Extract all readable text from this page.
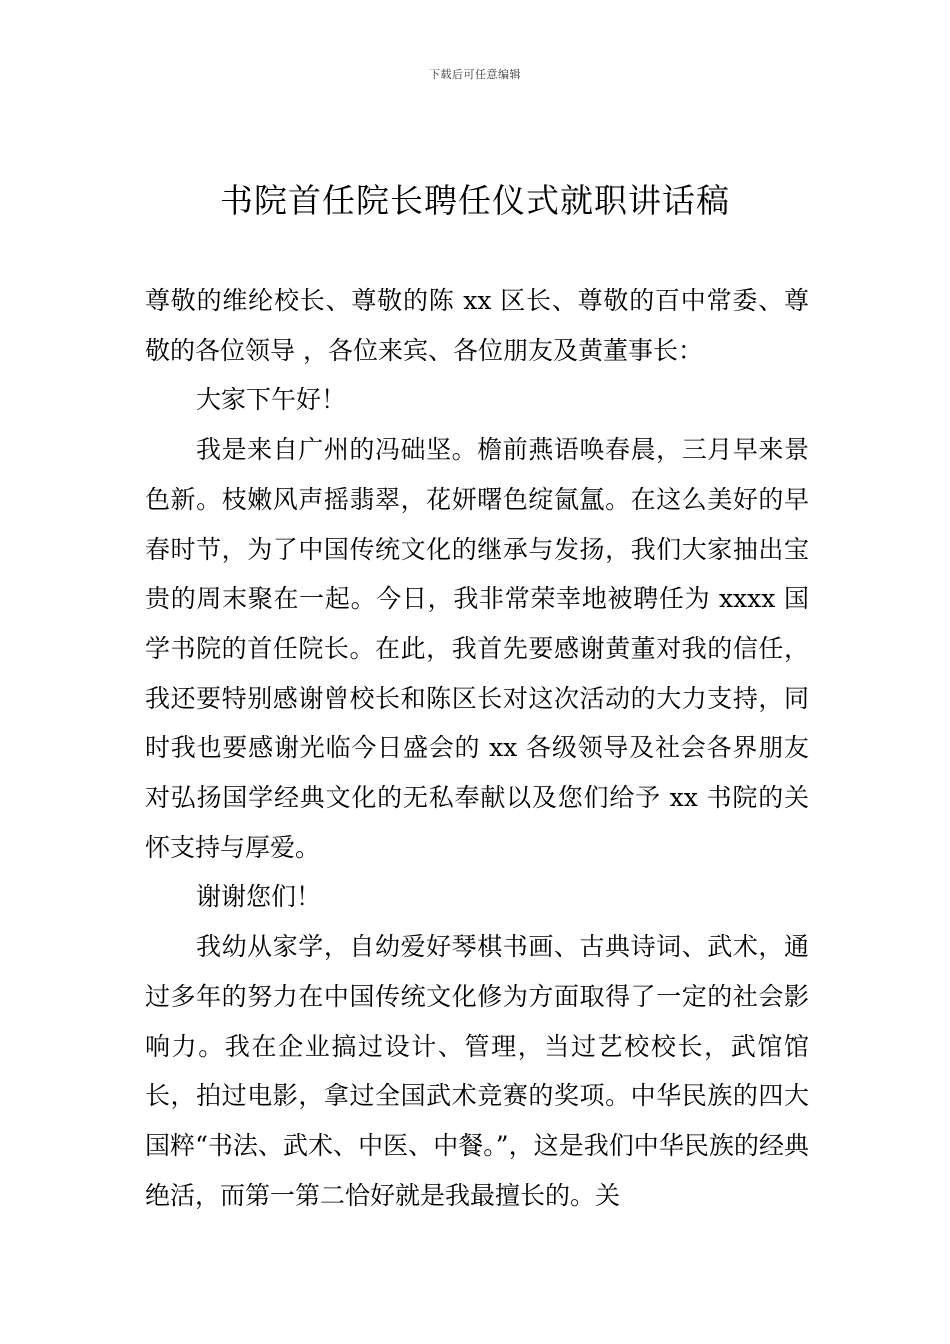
下载后可任意编辑
书院首任院长聘任仪式就职讲话稿

尊敬的维纶校长、尊敬的陈 xx 区长、尊敬的百中常委、尊敬的各位领导 ，各位来宾、各位朋友及黄董事长：

大家下午好！

我是来自广州的冯础坚。檐前燕语唤春晨，三月早来景色新。枝嫩风声摇翡翠，花妍曙色绽氤氲。在这么美好的早春时节，为了中国传统文化的继承与发扬，我们大家抽出宝贵的周末聚在一起。今日，我非常荣幸地被聘任为 xxxx 国学书院的首任院长。在此，我首先要感谢黄董对我的信任，我还要特别感谢曾校长和陈区长对这次活动的大力支持，同时我也要感谢光临今日盛会的 xx 各级领导及社会各界朋友对弘扬国学经典文化的无私奉献以及您们给予 xx 书院的关怀支持与厚爱。

谢谢您们！

我幼从家学，自幼爱好琴棋书画、古典诗词、武术，通过多年的努力在中国传统文化修为方面取得了一定的社会影响力。我在企业搞过设计、管理，当过艺校校长，武馆馆长，拍过电影，拿过全国武术竞赛的奖项。中华民族的四大国粹“书法、武术、中医、中餐。”，这是我们中华民族的经典绝活，而第一第二恰好就是我最擅长的。关
